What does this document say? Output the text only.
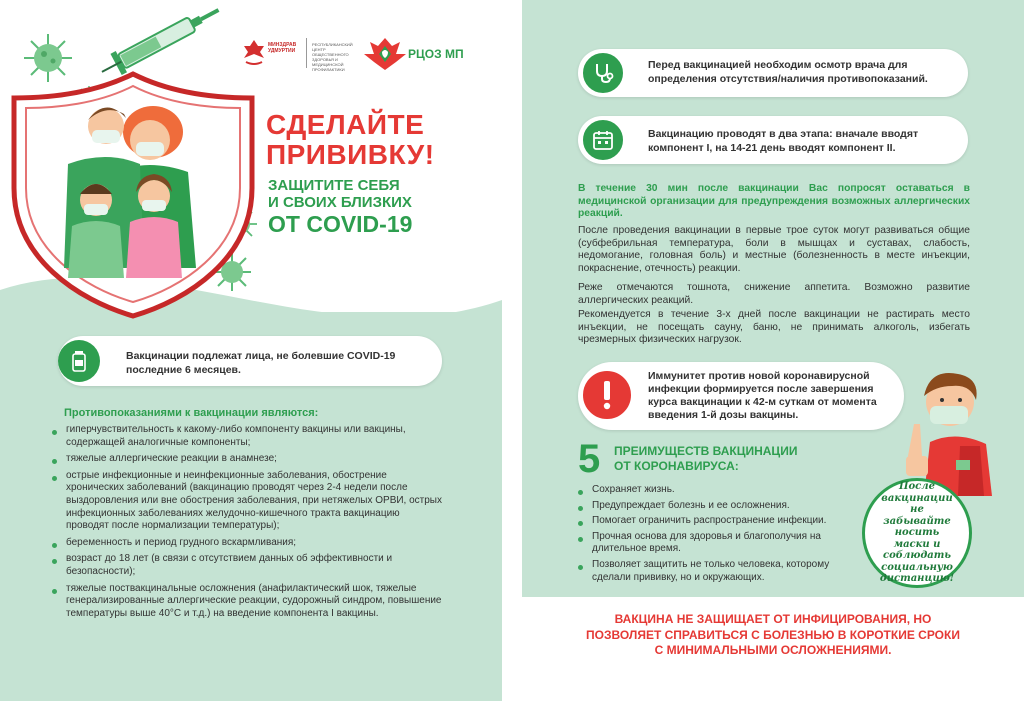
МИНЗДРАВ УДМУРТИИ
РЕСПУБЛИКАНСКИЙ ЦЕНТР ОБЩЕСТВЕННОГО ЗДОРОВЬЯ И МЕДИЦИНСКОЙ ПРОФИЛАКТИКИ
РЦОЗ МП
СДЕЛАЙТЕ
ПРИВИВКУ!
ЗАЩИТИТЕ СЕБЯ
И СВОИХ БЛИЗКИХ
ОТ COVID-19
Вакцинации подлежат лица, не болевшие COVID-19 последние 6 месяцев.
Противопоказаниями к вакцинации являются:
гиперчувствительность к какому-либо компоненту вакцины или вакцины, содержащей аналогичные компоненты;
тяжелые аллергические реакции в анамнезе;
острые инфекционные и неинфекционные заболевания, обострение хронических заболеваний (вакцинацию проводят через 2-4 недели после выздоровления или вне обострения заболевания, при нетяжелых ОРВИ, острых инфекционных заболеваниях желудочно-кишечного тракта вакцинацию проводят после нормализации температуры);
беременность и период грудного вскармливания;
возраст до 18 лет (в связи с отсутствием данных об эффективности и безопасности);
тяжелые поствакцинальные осложнения (анафилактический шок, тяжелые генерализированные аллергические реакции, судорожный синдром, повышение температуры выше 40°С и т.д.) на введение компонента I вакцины.
Перед вакцинацией необходим осмотр врача для определения отсутствия/наличия противопоказаний.
Вакцинацию проводят в два этапа: вначале вводят компонент I, на 14-21 день вводят компонент II.
В течение 30 мин после вакцинации Вас попросят оставаться в медицинской организации для предупреждения возможных аллергических реакций.
После проведения вакцинации в первые трое суток могут развиваться общие (субфебрильная температура, боли в мышцах и суставах, слабость, недомогание, головная боль) и местные (болезненность в месте инъекции, покраснение, отечность) реакции.
Реже отмечаются тошнота, снижение аппетита. Возможно развитие аллергических реакций.
Рекомендуется в течение 3-х дней после вакцинации не растирать место инъекции, не посещать сауну, баню, не принимать алкоголь, избегать чрезмерных физических нагрузок.
Иммунитет против новой коронавирусной инфекции формируется после завершения курса вакцинации к 42-м суткам от момента введения 1-й дозы вакцины.
5 ПРЕИМУЩЕСТВ ВАКЦИНАЦИИ
ОТ КОРОНАВИРУСА:
Сохраняет жизнь.
Предупреждает болезнь и ее осложнения.
Помогает ограничить распространение инфекции.
Прочная основа для здоровья и благополучия на длительное время.
Позволяет защитить не только человека, которому сделали прививку, но и окружающих.
После вакцинации не забывайте носить маски и соблюдать социальную дистанцию!
ВАКЦИНА НЕ ЗАЩИЩАЕТ ОТ ИНФИЦИРОВАНИЯ, НО ПОЗВОЛЯЕТ СПРАВИТЬСЯ С БОЛЕЗНЬЮ В КОРОТКИЕ СРОКИ С МИНИМАЛЬНЫМИ ОСЛОЖНЕНИЯМИ.
